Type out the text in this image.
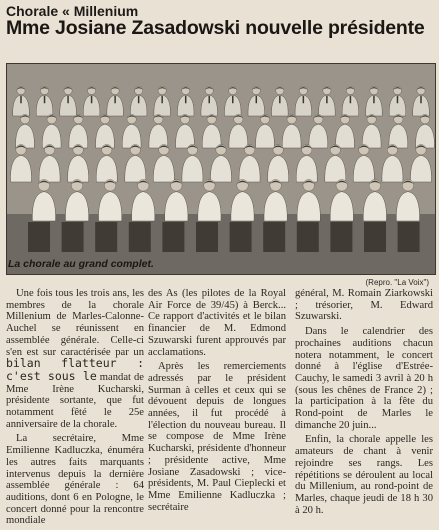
Chorale « Millenium
Mme Josiane Zasadowski nouvelle présidente
La chorale au grand complet.
(Repro. "La Voix")

Une fois tous les trois ans, les membres de la chorale Millenium de Marles-Calonne-Auchel se réunissent en assemblée générale. Celle-ci s'en est sur caractérisée par un bilan flatteur : c'est sous le mandat de Mme Irène Kucharski, présidente sortante, que fut notamment fêté le 25e anniversaire de la chorale.

La secrétaire, Mme Emilienne Kadluczka, énuméra les autres faits marquants intervenus depuis la dernière assemblée générale : 64 auditions, dont 6 en Pologne, le concert donné pour la rencontre mondiale

des As (les pilotes de la Royal Air Force de 39/45) à Berck... Ce rapport d'activités et le bilan financier de M. Edmond Szuwarski furent approuvés par acclamations.

Après les remerciements adressés par le président Surman à celles et ceux qui se dévouent depuis de longues années, il fut procédé à l'élection du nouveau bureau. Il se compose de Mme Irène Kucharski, présidente d'honneur ; présidente active, Mme Josiane Zasadowski ; vice-présidents, M. Paul Cieplecki et Mme Emilienne Kadluczka ; secrétaire

général, M. Romain Ziarkowski ; trésorier, M. Edward Szuwarski.

Dans le calendrier des prochaines auditions chacun notera notamment, le concert donné à l'église d'Estrée-Cauchy, le samedi 3 avril à 20 h (sous les chênes de France 2) ; la participation à la fête du Rond-point de Marles le dimanche 20 juin...

Enfin, la chorale appelle les amateurs de chant à venir rejoindre ses rangs. Les répétitions se déroulent au local du Millenium, au rond-point de Marles, chaque jeudi de 18 h 30 à 20 h.
